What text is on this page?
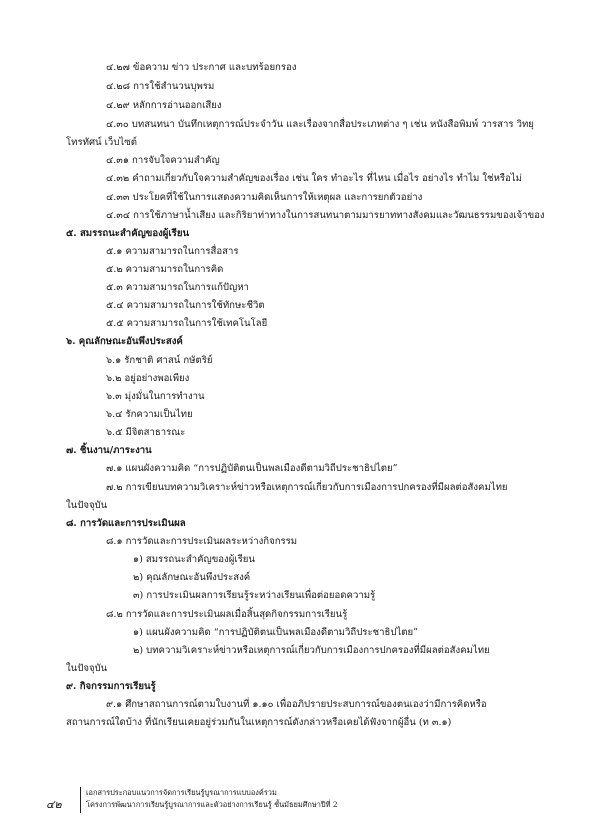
๔.๒๗ ข้อความ ข่าว ประกาศ และบทร้อยกรอง
๔.๒๘ การใช้สำนวนบุพรม
๔.๒๙ หลักการอ่านออกเสียง
๔.๓๐ บทสนทนา บันทึกเหตุการณ์ประจำวัน และเรื่องจากสื่อประเภทต่าง ๆ เช่น หนังสือพิมพ์ วารสาร วิทยุ
โทรทัศน์ เว็บไซต์
๔.๓๑ การจับใจความสำคัญ
๔.๓๒ คำถามเกี่ยวกับใจความสำคัญของเรื่อง เช่น ใคร ทำอะไร ที่ไหน เมื่อไร อย่างไร ทำไม ใช่หรือไม่
๔.๓๓ ประโยคที่ใช้ในการแสดงความคิดเห็นการให้เหตุผล และการยกตัวอย่าง
๔.๓๔ การใช้ภาษาน้ำเสียง และกิริยาท่าทางในการสนทนาตามมารยาททางสังคมและวัฒนธรรมของเจ้าของ
๕. สมรรถนะสำคัญของผู้เรียน
๕.๑ ความสามารถในการสื่อสาร
๕.๒ ความสามารถในการคิด
๕.๓ ความสามารถในการแก้ปัญหา
๕.๔ ความสามารถในการใช้ทักษะชีวิต
๕.๕ ความสามารถในการใช้เทคโนโลยี
๖. คุณลักษณะอันพึงประสงค์
๖.๑ รักชาติ ศาสน์ กษัตริย์
๖.๒ อยู่อย่างพอเพียง
๖.๓ มุ่งมั่นในการทำงาน
๖.๔ รักความเป็นไทย
๖.๕ มีจิตสาธารณะ
๗. ชิ้นงาน/ภาระงาน
๗.๑ แผนผังความคิด “การปฏิบัติตนเป็นพลเมืองดีตามวิถีประชาธิปไตย”
๗.๒ การเขียนบทความวิเคราะห์ข่าวหรือเหตุการณ์เกี่ยวกับการเมืองการปกครองที่มีผลต่อสังคมไทย
ในปัจจุบัน
๘. การวัดและการประเมินผล
๘.๑ การวัดและการประเมินผลระหว่างกิจกรรม
๑) สมรรถนะสำคัญของผู้เรียน
๒) คุณลักษณะอันพึงประสงค์
๓) การประเมินผลการเรียนรู้ระหว่างเรียนเพื่อต่อยอดความรู้
๘.๒ การวัดและการประเมินผลเมื่อสิ้นสุดกิจกรรมการเรียนรู้
๑) แผนผังความคิด “การปฏิบัติตนเป็นพลเมืองดีตามวิถีประชาธิปไตย”
๒) บทความวิเคราะห์ข่าวหรือเหตุการณ์เกี่ยวกับการเมืองการปกครองที่มีผลต่อสังคมไทย
ในปัจจุบัน
๙. กิจกรรมการเรียนรู้
๙.๑ ศึกษาสถานการณ์ตามใบงานที่ ๑.๑๐ เพื่ออภิปรายประสบการณ์ของตนเองว่ามีการคิดหรือ
สถานการณ์ใดบ้าง ที่นักเรียนเคยอยู่ร่วมกันในเหตุการณ์ดังกล่าวหรือเคยได้ฟังจากผู้อื่น (ท ๓.๑)
๔๒
เอกสารประกอบแนวการจัดการเรียนรู้บูรณาการแบบองค์รวม
โครงการพัฒนาการเรียนรู้บูรณาการและตัวอย่างการเรียนรู้ ชั้นมัธยมศึกษาปีที่ 2
